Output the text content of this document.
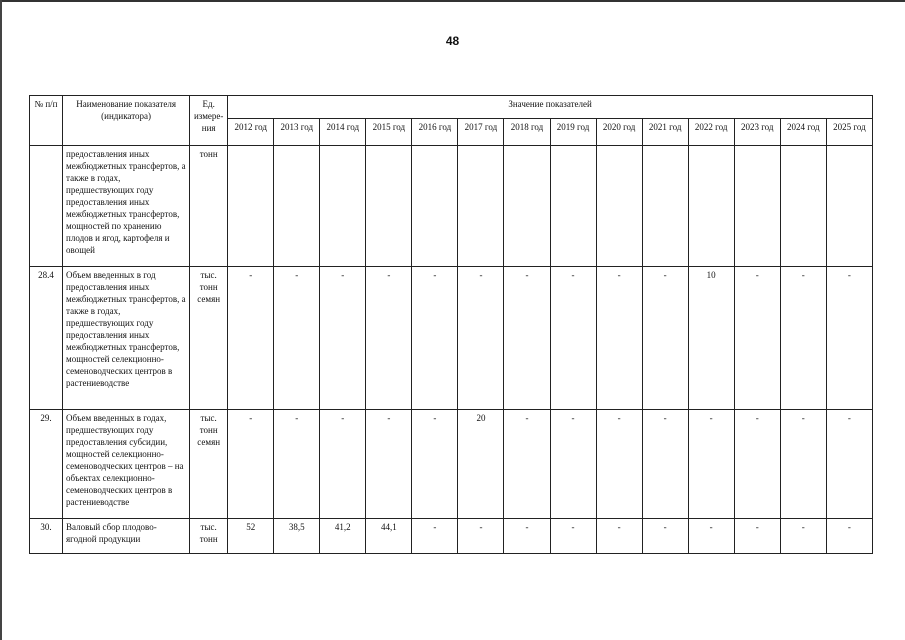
48
№ п/п	Наименование показателя (индикатора)	Ед. измере-ния	Значение показателей													
			2012 год	2013 год	2014 год	2015 год	2016 год	2017 год	2018 год	2019 год	2020 год	2021 год	2022 год	2023 год	2024 год	2025 год
	предоставления иных межбюджетных трансфертов, а также в годах, предшествующих году предоставления иных межбюджетных трансфертов, мощностей по хранению плодов и ягод, картофеля и овощей	тонн														
28.4	Объем введенных в год предоставления иных межбюджетных трансфертов, а также в годах, предшествующих году предоставления иных межбюджетных трансфертов, мощностей селекционно-семеноводческих центров в растениеводстве	тыс. тонн семян	-	-	-	-	-	-	-	-	-	-	10	-	-	-
29.	Объем введенных в годах, предшествующих году предоставления субсидии, мощностей селекционно-семеноводческих центров – на объектах селекционно-семеноводческих центров в растениеводстве	тыс. тонн семян	-	-	-	-	-	20	-	-	-	-	-	-	-	-
30.	Валовый сбор плодово-ягодной продукции	тыс. тонн	52	38,5	41,2	44,1	-	-	-	-	-	-	-	-	-	-
